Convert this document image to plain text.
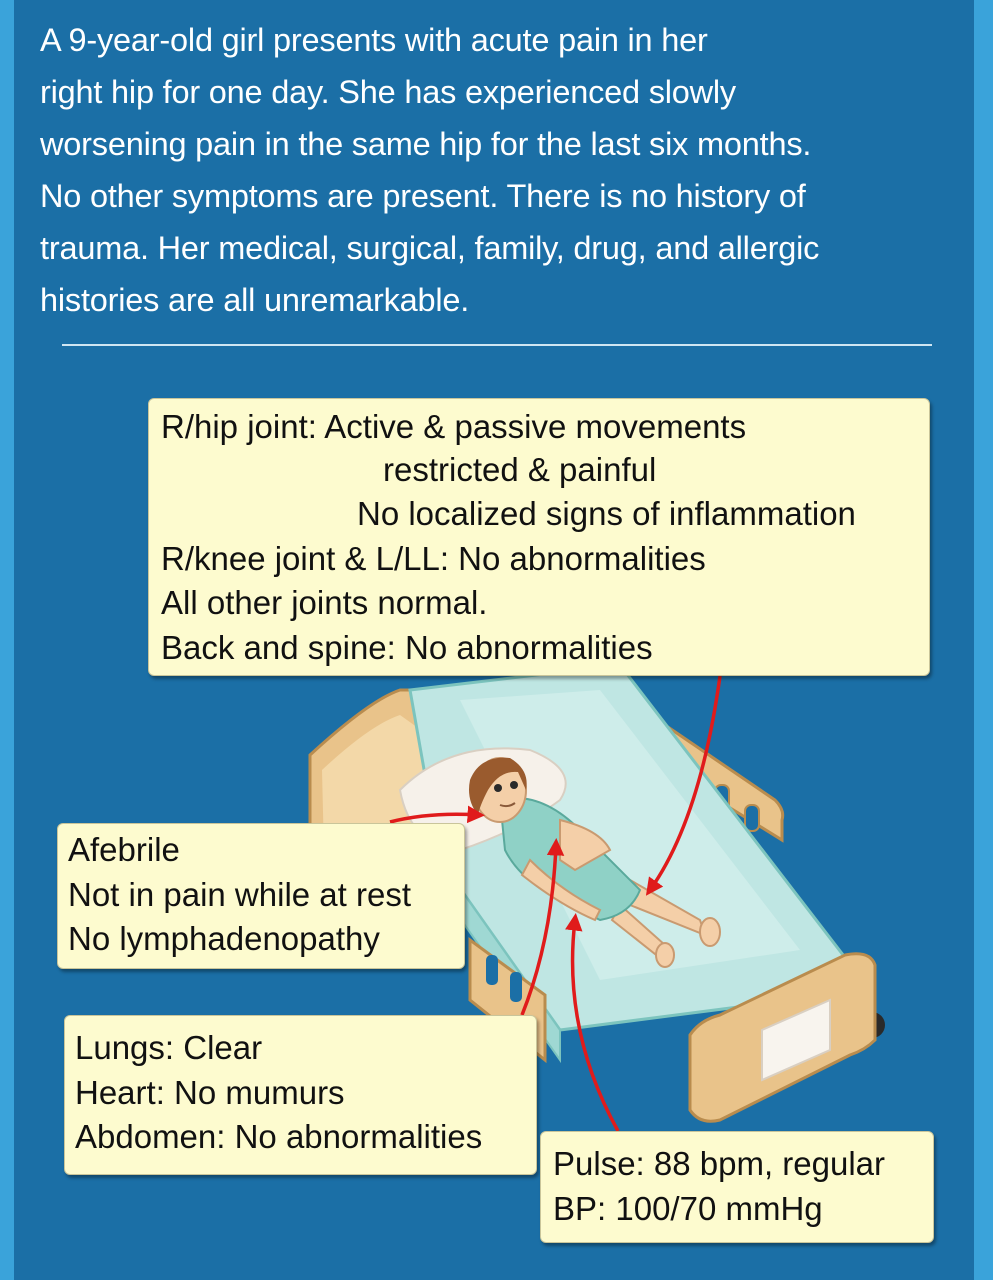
A 9-year-old girl presents with acute pain in her
right hip for one day. She has experienced slowly
worsening pain in the same hip for the last six months.
No other symptoms are present. There is no history of
trauma. Her medical, surgical, family, drug, and allergic
histories are all unremarkable.
R/hip joint: Active & passive movements
restricted & painful
No localized signs of inflammation
R/knee joint & L/LL: No abnormalities
All other joints normal.
Back and spine: No abnormalities
Afebrile
Not in pain while at rest
No lymphadenopathy
Lungs: Clear
Heart: No mumurs
Abdomen: No abnormalities
Pulse: 88 bpm, regular
BP: 100/70 mmHg
